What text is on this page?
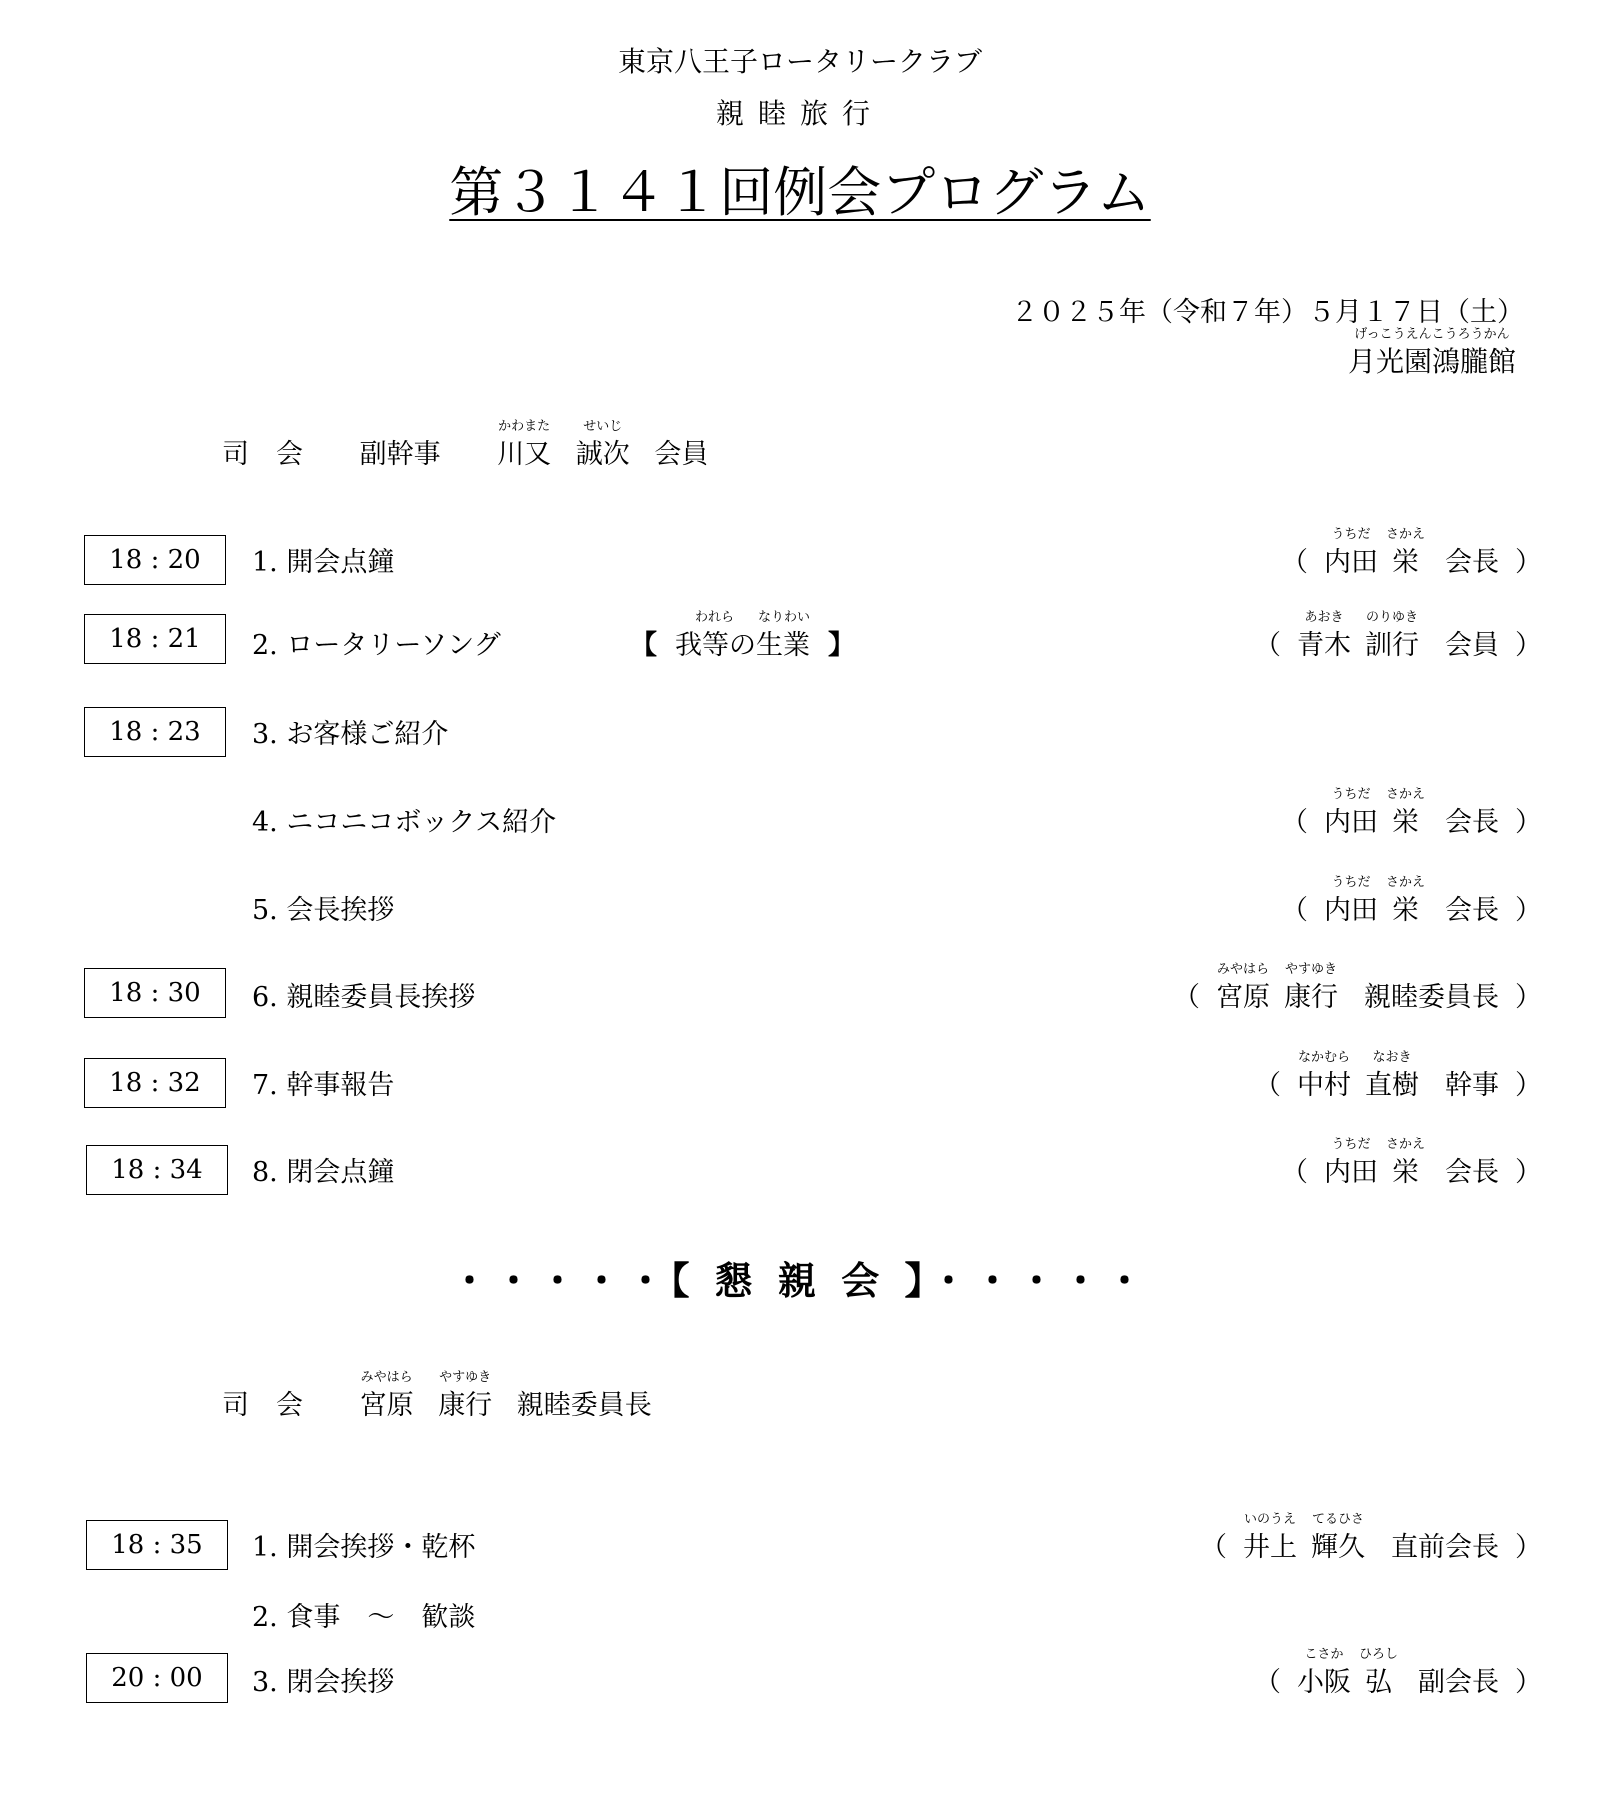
東京八王子ロータリークラブ
親睦旅行
第３１４１回例会プログラム
２０２５年（令和７年）５月１７日（土）
げっこうえんこうろうかん
月光園鴻朧館
司　会 副幹事
かわまた
川又
せいじ
誠次 会員
18 : 20	1. 開会点鐘	（
うちだ
内田
さかえ
栄 会長 ）
18 : 21	2. ロータリーソング	【
われら なりわい
我等の生業 】	（
あおき
青木
のりゆき
訓行 会員 ）
18 : 23	3. お客様ご紹介
4. ニコニコボックス紹介	（
うちだ
内田
さかえ
栄 会長 ）
5. 会長挨拶	（
うちだ
内田
さかえ
栄 会長 ）
18 : 30	6. 親睦委員長挨拶	（
みやはら
宮原
やすゆき
康行 親睦委員長 ）
18 : 32	7. 幹事報告	（
なかむら
中村
なおき
直樹 幹事 ）
18 : 34	8. 閉会点鐘	（
うちだ
内田
さかえ
栄 会長 ）
・・・・・【 懇 親 会 】・・・・・
司　会
みやはら
宮原
やすゆき
康行 親睦委員長
18 : 35	1. 開会挨拶・乾杯	（
いのうえ
井上
てるひさ
輝久 直前会長 ）
2. 食事　～　歓談
20 : 00	3. 閉会挨拶	（
こさか
小阪
ひろし
弘 副会長 ）
